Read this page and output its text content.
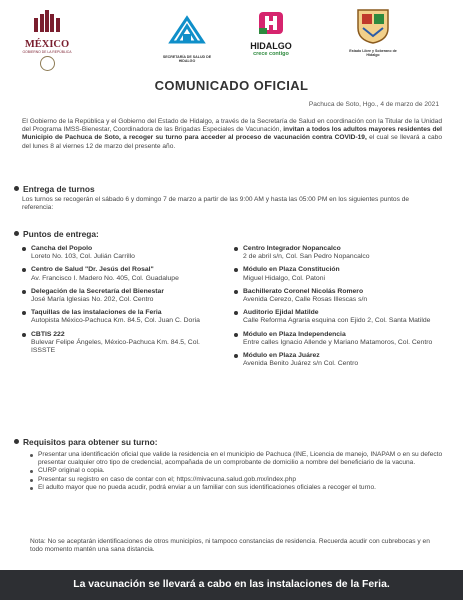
MÉXICO
GOBIERNO DE LA REPÚBLICA
SECRETARÍA DE SALUD DE HIDALGO
HIDALGO
crece contigo	Estado Libre y Soberano de Hidalgo
COMUNICADO OFICIAL
Pachuca de Soto, Hgo., 4 de marzo de 2021

El Gobierno de la República y el Gobierno del Estado de Hidalgo, a través de la Secretaría de Salud en coordinación con la Titular de la Unidad del Programa IMSS-Bienestar, Coordinadora de las Brigadas Especiales de Vacunación, invitan a todos los adultos mayores residentes del Municipio de Pachuca de Soto, a recoger su turno para acceder al proceso de vacunación contra COVID-19, el cual se llevará a cabo del lunes 8 al viernes 12 de marzo del presente año.

Entrega de turnos

Los turnos se recogerán el sábado 6 y domingo 7 de marzo a partir de las 9:00 AM y hasta las 05:00 PM en los siguientes puntos de referencia:

Puntos de entrega:
Cancha del Popolo
Loreto No. 103, Col. Julián Carrillo
Centro de Salud "Dr. Jesús del Rosal"
Av. Francisco I. Madero No. 405, Col. Guadalupe
Delegación de la Secretaría del Bienestar
José María Iglesias No. 202, Col. Centro
Taquillas de las instalaciones de la Feria
Autopista México-Pachuca Km. 84.5, Col. Juan C. Doria
CBTIS 222
Bulevar Felipe Ángeles, México-Pachuca Km. 84.5, Col. ISSSTE
Centro Integrador Nopancalco
2 de abril s/n, Col. San Pedro Nopancalco
Módulo en Plaza Constitución
Miguel Hidalgo, Col. Patoni
Bachillerato Coronel Nicolás Romero
Avenida Cerezo, Calle Rosas Illescas s/n
Auditorio Ejidal Matilde
Calle Reforma Agraria esquina con Ejido 2, Col. Santa Matilde
Módulo en Plaza Independencia
Entre calles Ignacio Allende y Mariano Matamoros, Col. Centro
Módulo en Plaza Juárez
Avenida Benito Juárez s/n Col. Centro
Requisitos para obtener su turno:
Presentar una identificación oficial que valide la residencia en el municipio de Pachuca (INE, Licencia de manejo, INAPAM o en su defecto presentar cualquier otro tipo de credencial, acompañada de un comprobante de domicilio a nombre del beneficiario de la vacuna.
CURP original o copia.
Presentar su registro en caso de contar con el; https://mivacuna.salud.gob.mx/index.php
El adulto mayor que no pueda acudir, podrá enviar a un familiar con sus identificaciones oficiales a recoger el turno.

Nota: No se aceptarán identificaciones de otros municipios, ni tampoco constancias de residencia. Recuerda acudir con cubrebocas y en todo momento mantén una sana distancia.

La vacunación se llevará a cabo en las instalaciones de la Feria.
